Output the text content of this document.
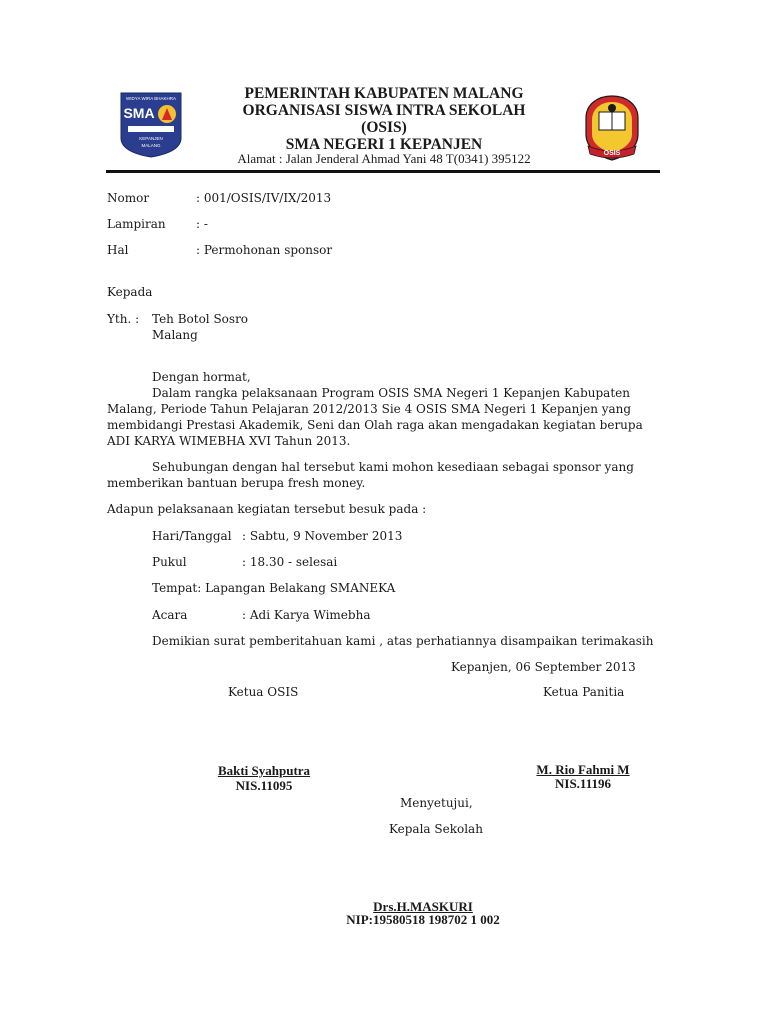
WIDYA WIRA BHAKHRA
SMA
KEPANJEN
MALANG
OSIS
PEMERINTAH KABUPATEN MALANG
ORGANISASI SISWA INTRA SEKOLAH
(OSIS)
SMA NEGERI 1 KEPANJEN
Alamat : Jalan Jenderal Ahmad Yani 48 T(0341) 395122
Nomor	: 001/OSIS/IV/IX/2013
Lampiran	: -
Hal	: Permohonan sponsor
Kepada
Yth. : Teh Botol Sosro
Malang
Dengan hormat,
Dalam rangka pelaksanaan Program OSIS SMA Negeri 1 Kepanjen Kabupaten
Malang, Periode Tahun Pelajaran 2012/2013 Sie 4 OSIS SMA Negeri 1 Kepanjen yang
membidangi Prestasi Akademik, Seni dan Olah raga akan mengadakan kegiatan berupa
ADI KARYA WIMEBHA XVI Tahun 2013.
Sehubungan dengan hal tersebut kami mohon kesediaan sebagai sponsor yang
memberikan bantuan berupa fresh money.
Adapun pelaksanaan kegiatan tersebut besuk pada :
Hari/Tanggal : Sabtu, 9 November 2013
Pukul	: 18.30 - selesai
Tempat: Lapangan Belakang SMANEKA
Acara	: Adi Karya Wimebha
Demikian surat pemberitahuan kami , atas perhatiannya disampaikan terimakasih
Kepanjen, 06 September 2013
Ketua OSIS	Ketua Panitia
Bakti Syahputra
NIS.11095
M. Rio Fahmi M
NIS.11196
Menyetujui,
Kepala Sekolah
Drs.H.MASKURI
NIP:19580518 198702 1 002
